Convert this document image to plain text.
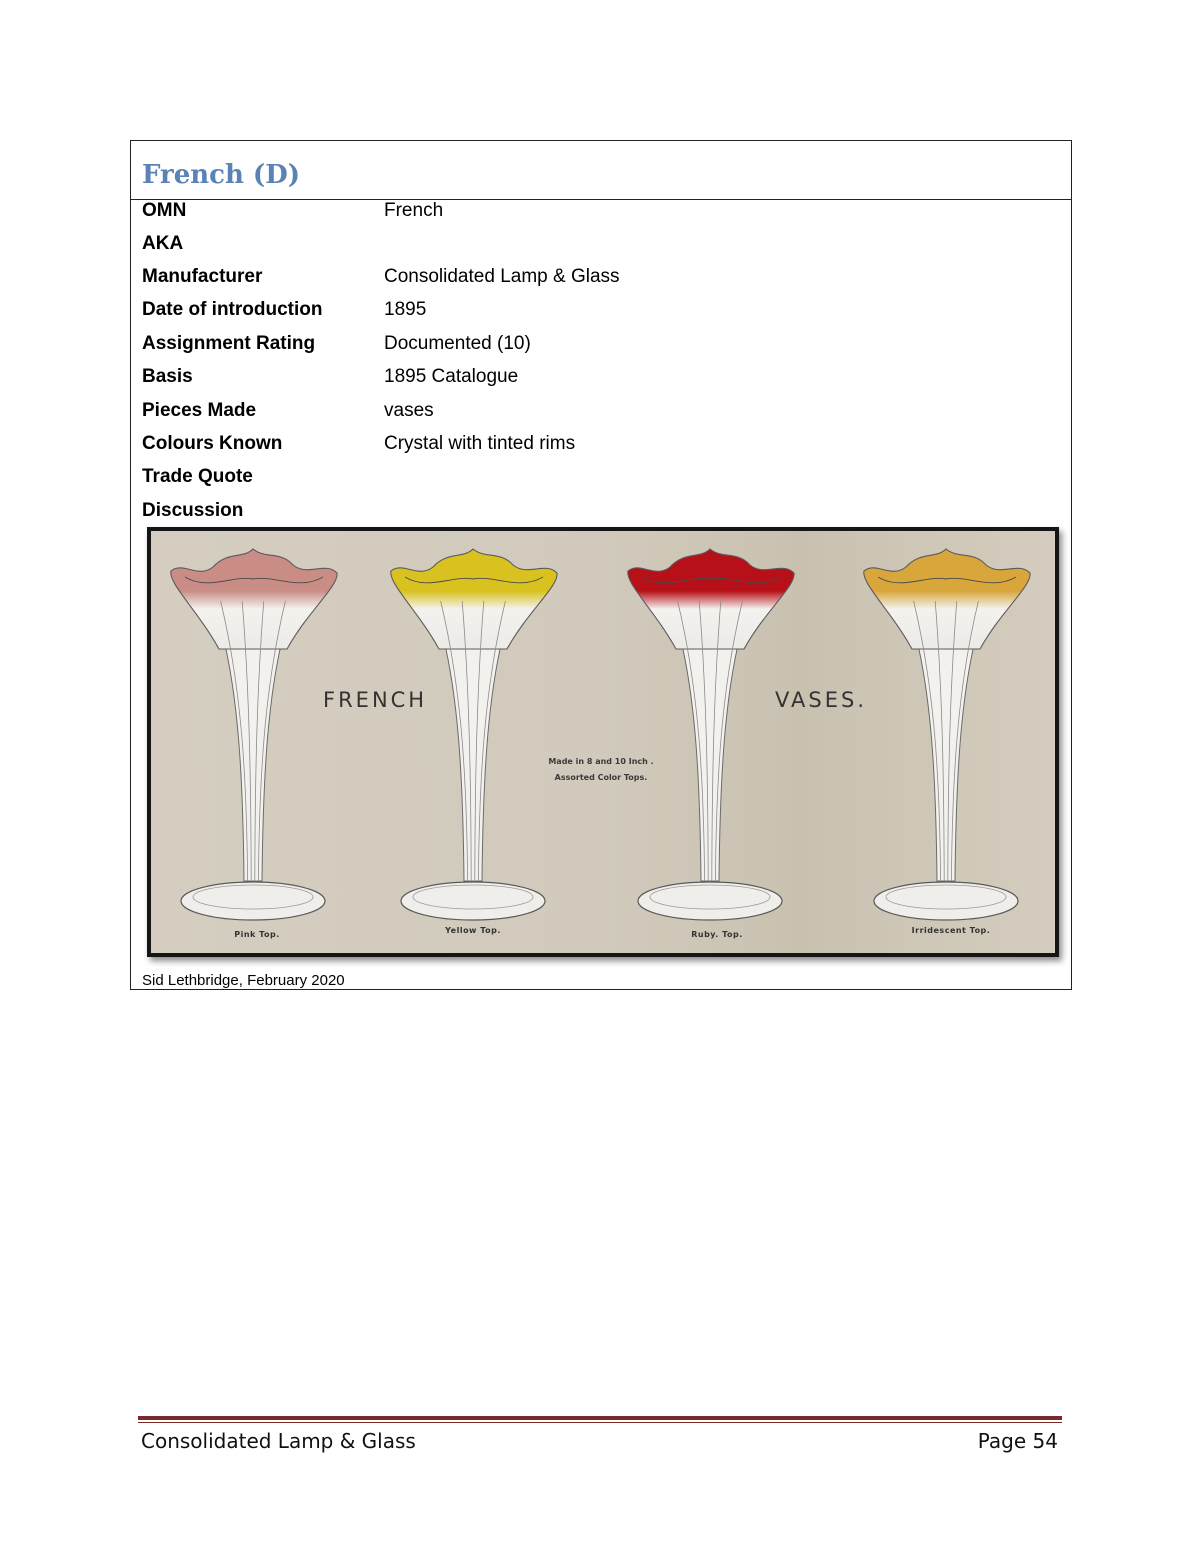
French (D)
OMN	French
AKA
Manufacturer	Consolidated Lamp & Glass
Date of introduction	1895
Assignment Rating	Documented (10)
Basis	1895 Catalogue
Pieces Made	vases
Colours Known	Crystal with tinted rims
Trade Quote
Discussion
FRENCH	VASES.
Made in 8 and 10 Inch .
Assorted Color Tops.
Pink Top.	Yellow Top.	Ruby. Top.	Irridescent Top.
Sid Lethbridge, February 2020
Consolidated Lamp & Glass	Page 54
